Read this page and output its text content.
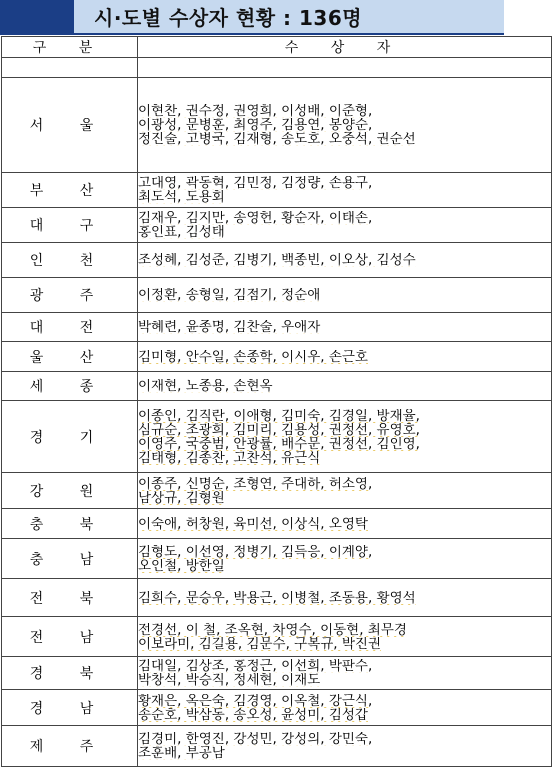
시·도별 수상자 현황 : 136명
구 분	수 상 자

서 울	이현찬, 권수정, 권영희, 이성배, 이준형,
이광성, 문병훈, 최영주, 김용연, 봉양순,
정진술, 고병국, 김재형, 송도호, 오중석, 권순선

부 산	고대영, 곽동혁, 김민정, 김정량, 손용구,
최도석, 도용회

대 구	김재우, 김지만, 송영헌, 황순자, 이태손,
홍인표, 김성태

인 천	조성혜, 김성준, 김병기, 백종빈, 이오상, 김성수

광 주	이정환, 송형일, 김점기, 정순애

대 전	박혜련, 윤종명, 김찬술, 우애자

울 산	김미형, 안수일, 손종학, 이시우, 손근호

세 종	이재현, 노종용, 손현옥

경 기	이종인, 김직란, 이애형, 김미숙, 김경일, 방재율,
심규순, 조광희, 김미리, 김용성, 권정선, 유영호,
이영주, 국중범, 안광률, 배수문, 권정선, 김인영,
김태형, 김종찬, 고찬석, 유근식

강 원	이종주, 신명순, 조형연, 주대하, 허소영,
남상규, 김형원

충 북	이숙애, 허창원, 육미선, 이상식, 오영탁

충 남	김형도, 이선영, 정병기, 김득응, 이계양,
오인철, 방한일

전 북	김희수, 문승우, 박용근, 이병철, 조동용, 황영석

전 남	전경선, 이 철, 조옥현, 차영수, 이동현, 최무경
이보라미, 김길용, 김문수, 구복규, 박진권

경 북	김대일, 김상조, 홍정근, 이선희, 박판수,
박창석, 박승직, 정세현, 이재도

경 남	황재은, 옥은숙, 김경영, 이옥철, 강근식,
송순호, 박삼동, 송오성, 윤성미, 김성갑

제 주	김경미, 한영진, 강성민, 강성의, 강민숙,
조훈배, 부공남
